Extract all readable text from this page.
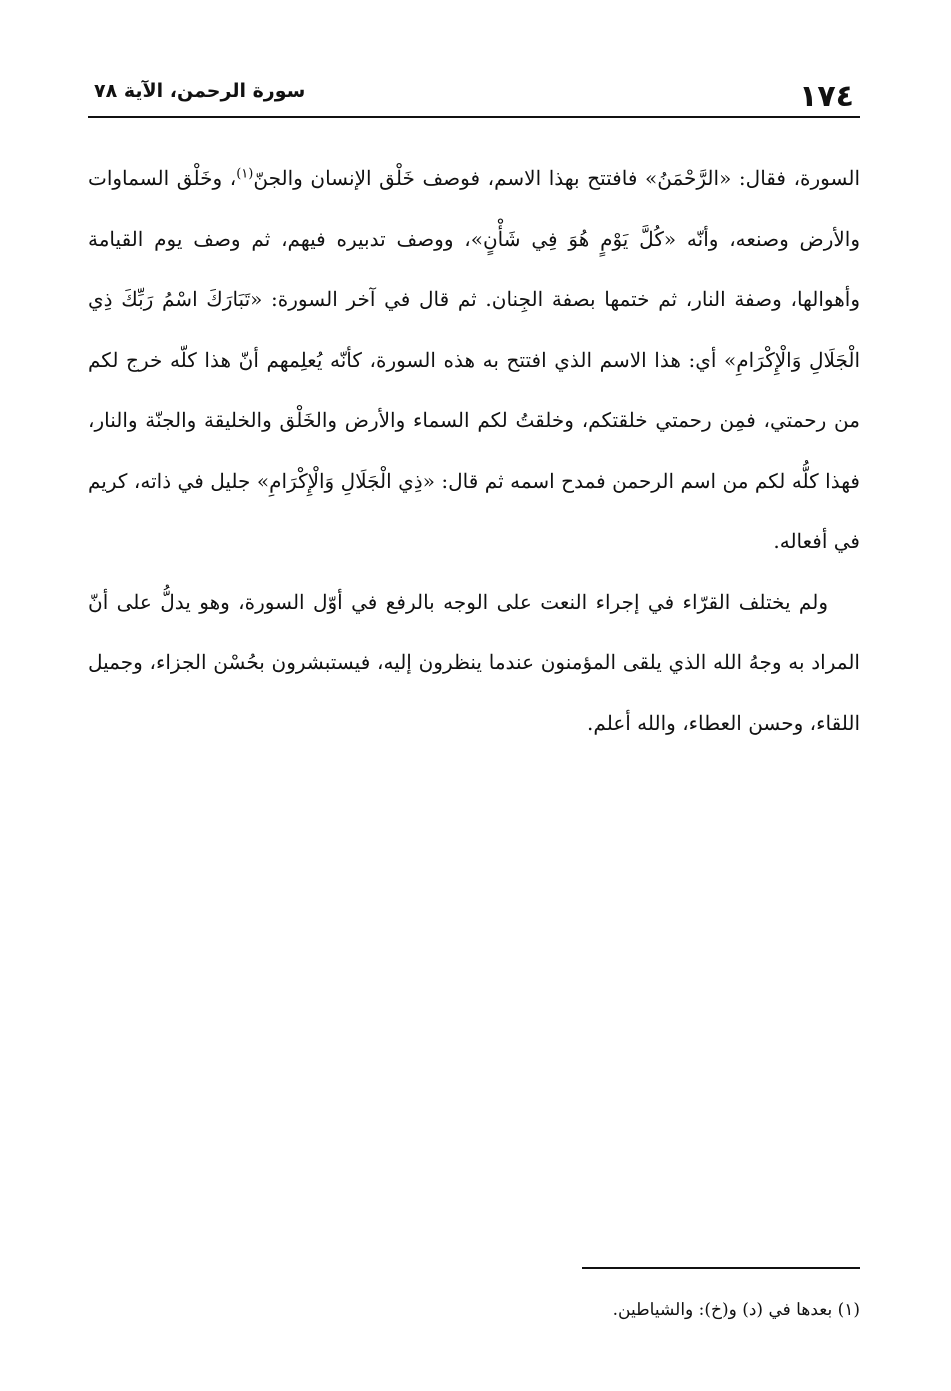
١٧٤
سورة الرحمن، الآية ٧٨

السورة، فقال: «الرَّحْمَنُ» فافتتح بهذا الاسم، فوصف خَلْق الإنسان والجنّ$^{(١)}$، وخَلْق السماوات والأرض وصنعه، وأنّه «كُلَّ يَوْمٍ هُوَ فِي شَأْنٍ»، ووصف تدبيره فيهم، ثم وصف يوم القيامة وأهوالها، وصفة النار، ثم ختمها بصفة الجِنان. ثم قال في آخر السورة: «تَبَارَكَ اسْمُ رَبِّكَ ذِي الْجَلَالِ وَالْإِكْرَامِ» أي: هذا الاسم الذي افتتح به هذه السورة، كأنّه يُعلِمهم أنّ هذا كلّه خرج لكم من رحمتي، فمِن رحمتي خلقتكم، وخلقتُ لكم السماء والأرض والخَلْق والخليقة والجنّة والنار، فهذا كلُّه لكم من اسم الرحمن فمدح اسمه ثم قال: «ذِي الْجَلَالِ وَالْإِكْرَامِ» جليل في ذاته، كريم في أفعاله.

ولم يختلف القرّاء في إجراء النعت على الوجه بالرفع في أوّل السورة، وهو يدلُّ على أنّ المراد به وجهُ الله الذي يلقى المؤمنون عندما ينظرون إليه، فيستبشرون بحُسْن الجزاء، وجميل اللقاء، وحسن العطاء، والله أعلم.

(١) بعدها في (د) و(خ): والشياطين.
